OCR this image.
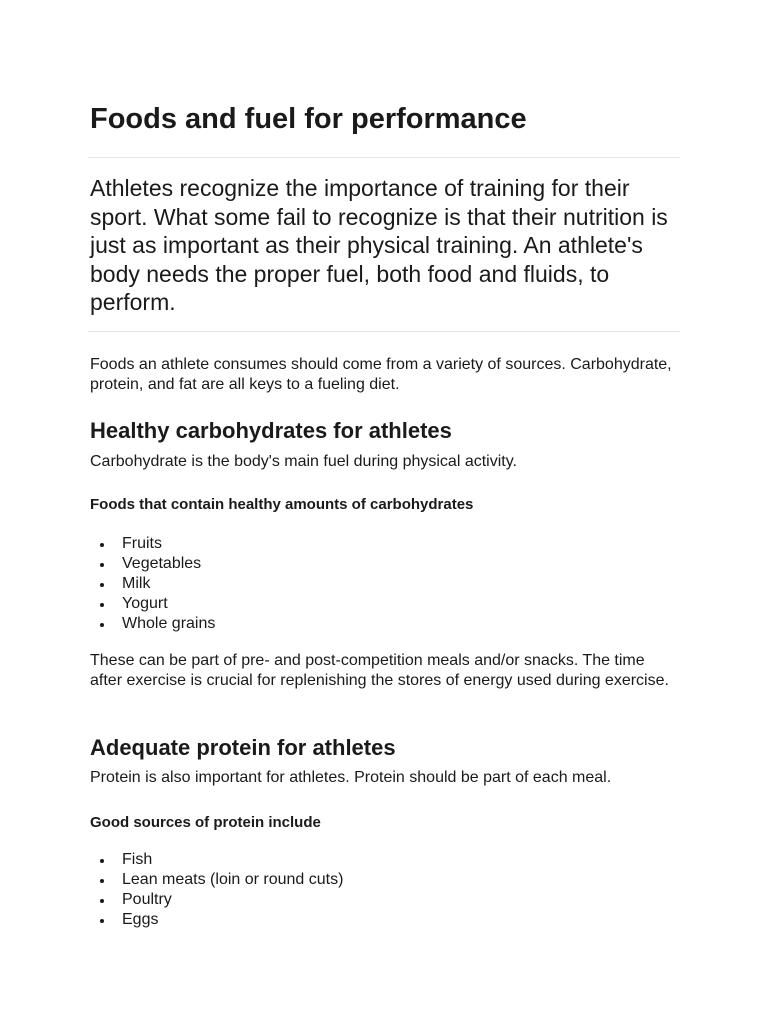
Foods and fuel for performance

Athletes recognize the importance of training for their sport. What some fail to recognize is that their nutrition is just as important as their physical training. An athlete's body needs the proper fuel, both food and fluids, to perform.

Foods an athlete consumes should come from a variety of sources. Carbohydrate, protein, and fat are all keys to a fueling diet.

Healthy carbohydrates for athletes

Carbohydrate is the body's main fuel during physical activity.

Foods that contain healthy amounts of carbohydrates
Fruits
Vegetables
Milk
Yogurt
Whole grains

These can be part of pre- and post-competition meals and/or snacks. The time after exercise is crucial for replenishing the stores of energy used during exercise.

Adequate protein for athletes

Protein is also important for athletes. Protein should be part of each meal.

Good sources of protein include
Fish
Lean meats (loin or round cuts)
Poultry
Eggs
